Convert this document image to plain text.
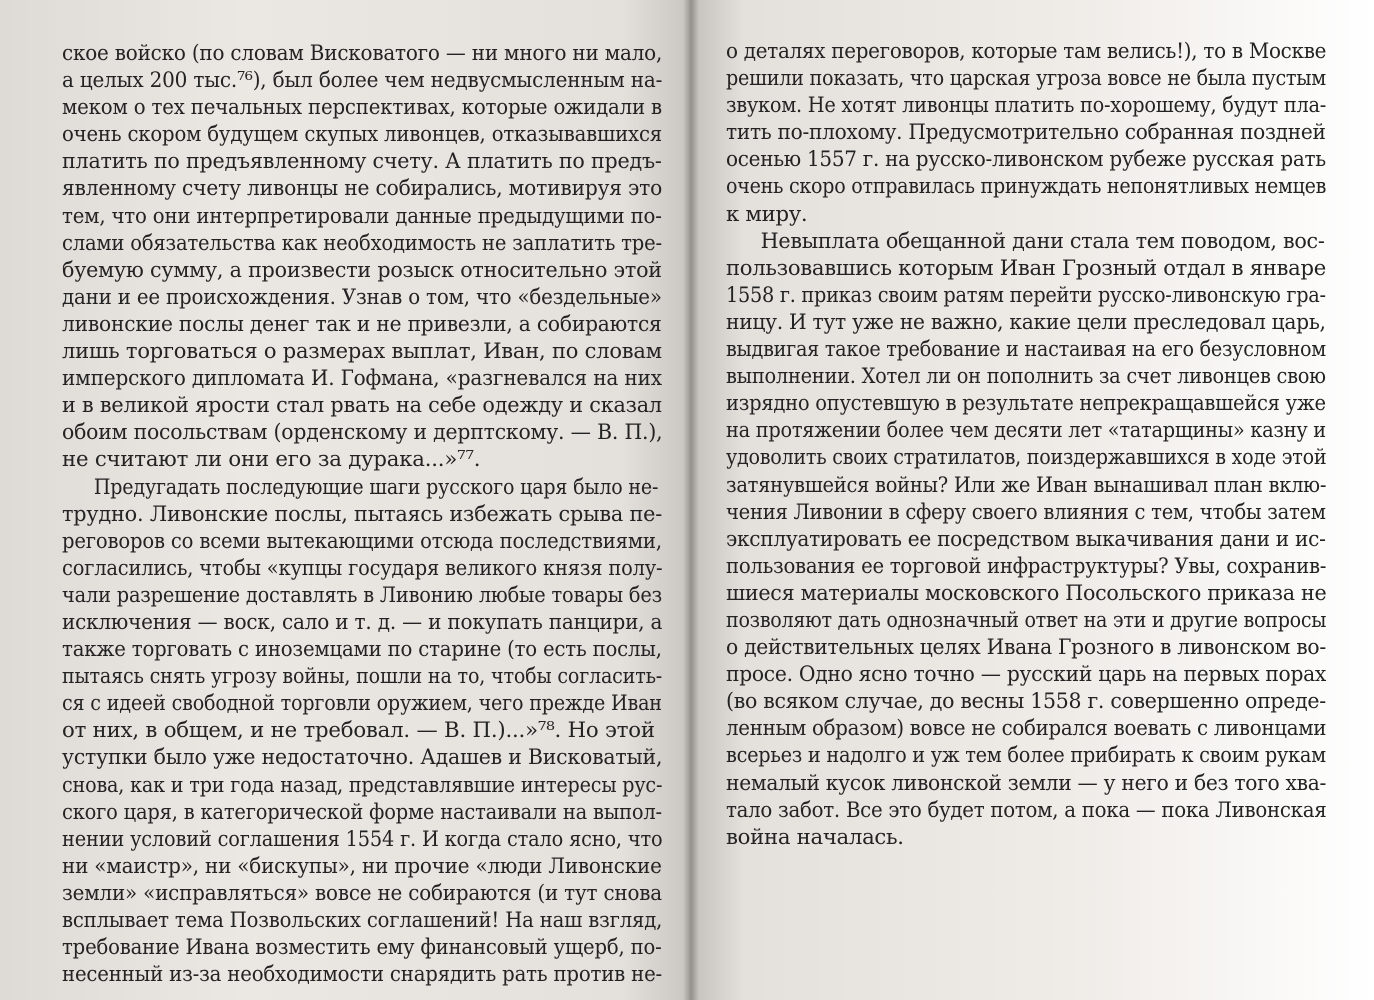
ское войско (по словам Висковатого — ни много ни мало,
а целых 200 тыс.⁷⁶), был более чем недвусмысленным на-
меком о тех печальных перспективах, которые ожидали в
очень скором будущем скупых ливонцев, отказывавшихся
платить по предъявленному счету. А платить по предъ-
явленному счету ливонцы не собирались, мотивируя это
тем, что они интерпретировали данные предыдущими по-
слами обязательства как необходимость не заплатить тре-
буемую сумму, а произвести розыск относительно этой
дани и ее происхождения. Узнав о том, что «бездельные»
ливонские послы денег так и не привезли, а собираются
лишь торговаться о размерах выплат, Иван, по словам
имперского дипломата И. Гофмана, «разгневался на них
и в великой ярости стал рвать на себе одежду и сказал
обоим посольствам (орденскому и дерптскому. — В. П.),
не считают ли они его за дурака...»⁷⁷.
Предугадать последующие шаги русского царя было не-
трудно. Ливонские послы, пытаясь избежать срыва пе-
реговоров со всеми вытекающими отсюда последствиями,
согласились, чтобы «купцы государя великого князя полу-
чали разрешение доставлять в Ливонию любые товары без
исключения — воск, сало и т. д. — и покупать панцири, а
также торговать с иноземцами по старине (то есть послы,
пытаясь снять угрозу войны, пошли на то, чтобы согласить-
ся с идеей свободной торговли оружием, чего прежде Иван
от них, в общем, и не требовал. — В. П.)...»⁷⁸. Но этой
уступки было уже недостаточно. Адашев и Висковатый,
снова, как и три года назад, представлявшие интересы рус-
ского царя, в категорической форме настаивали на выпол-
нении условий соглашения 1554 г. И когда стало ясно, что
ни «маистр», ни «бискупы», ни прочие «люди Ливонские
земли» «исправляться» вовсе не собираются (и тут снова
всплывает тема Позвольских соглашений! На наш взгляд,
требование Ивана возместить ему финансовый ущерб, по-
несенный из-за необходимости снарядить рать против не-
о деталях переговоров, которые там велись!), то в Москве
решили показать, что царская угроза вовсе не была пустым
звуком. Не хотят ливонцы платить по-хорошему, будут пла-
тить по-плохому. Предусмотрительно собранная поздней
осенью 1557 г. на русско-ливонском рубеже русская рать
очень скоро отправилась принуждать непонятливых немцев
к миру.
Невыплата обещанной дани стала тем поводом, вос-
пользовавшись которым Иван Грозный отдал в январе
1558 г. приказ своим ратям перейти русско-ливонскую гра-
ницу. И тут уже не важно, какие цели преследовал царь,
выдвигая такое требование и настаивая на его безусловном
выполнении. Хотел ли он пополнить за счет ливонцев свою
изрядно опустевшую в результате непрекращавшейся уже
на протяжении более чем десяти лет «татарщины» казну и
удоволить своих стратилатов, поиздержавшихся в ходе этой
затянувшейся войны? Или же Иван вынашивал план вклю-
чения Ливонии в сферу своего влияния с тем, чтобы затем
эксплуатировать ее посредством выкачивания дани и ис-
пользования ее торговой инфраструктуры? Увы, сохранив-
шиеся материалы московского Посольского приказа не
позволяют дать однозначный ответ на эти и другие вопросы
о действительных целях Ивана Грозного в ливонском во-
просе. Одно ясно точно — русский царь на первых порах
(во всяком случае, до весны 1558 г. совершенно опреде-
ленным образом) вовсе не собирался воевать с ливонцами
всерьез и надолго и уж тем более прибирать к своим рукам
немалый кусок ливонской земли — у него и без того хва-
тало забот. Все это будет потом, а пока — пока Ливонская
война началась.
